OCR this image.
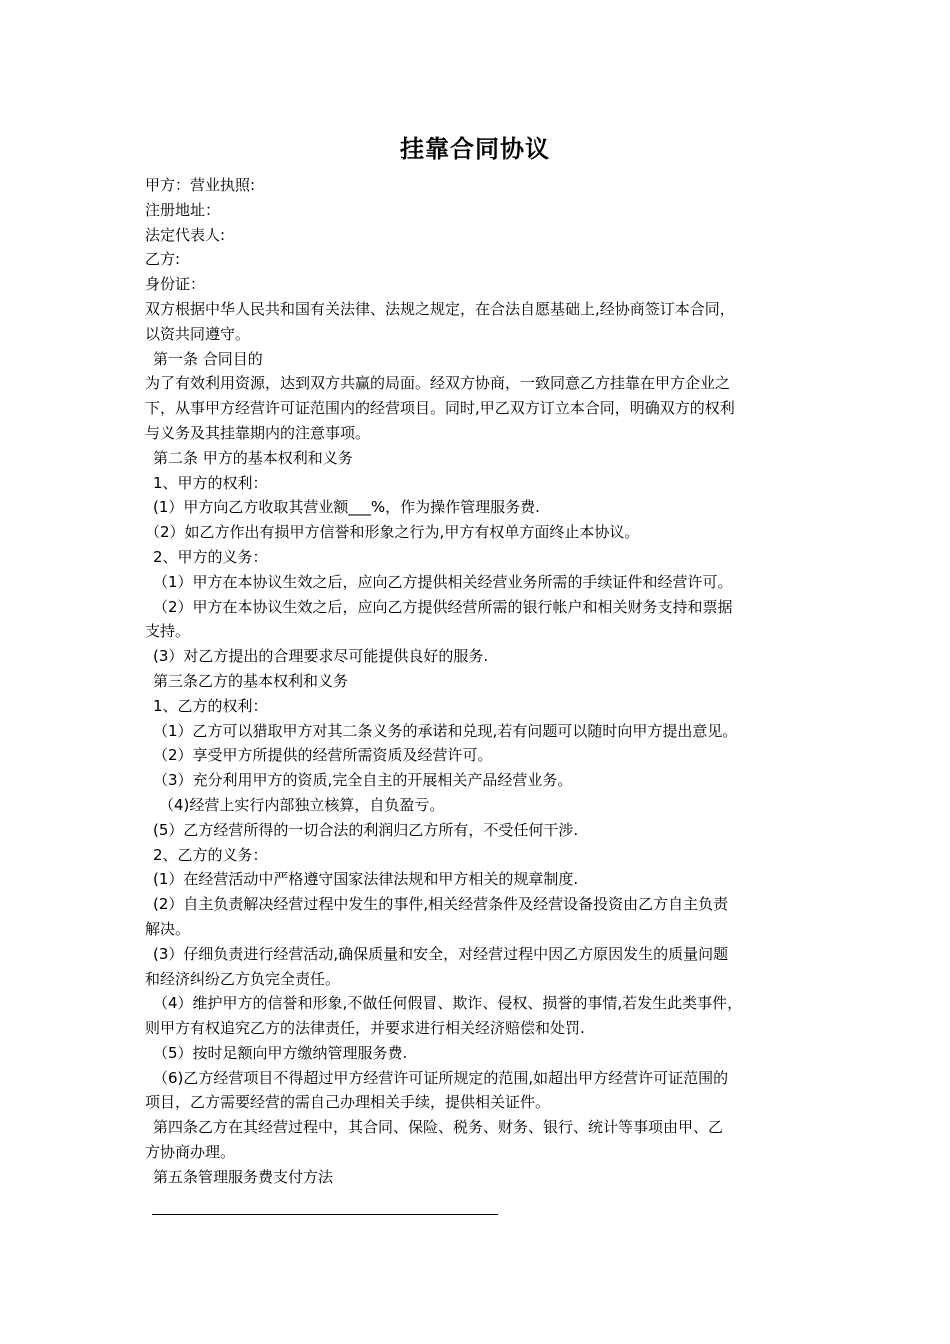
挂靠合同协议

甲方：营业执照:

注册地址：

法定代表人:

乙方:

身份证：

双方根据中华人民共和国有关法律、法规之规定，在合法自愿基础上,经协商签订本合同，

以资共同遵守。

第一条 合同目的

为了有效利用资源，达到双方共赢的局面。经双方协商，一致同意乙方挂靠在甲方企业之

下，从事甲方经营许可证范围内的经营项目。同时,甲乙双方订立本合同，明确双方的权利

与义务及其挂靠期内的注意事项。

第二条 甲方的基本权利和义务

1、甲方的权利：

(1）甲方向乙方收取其营业额___%，作为操作管理服务费.

（2）如乙方作出有损甲方信誉和形象之行为,甲方有权单方面终止本协议。

2、甲方的义务：

（1）甲方在本协议生效之后，应向乙方提供相关经营业务所需的手续证件和经营许可。

（2）甲方在本协议生效之后，应向乙方提供经营所需的银行帐户和相关财务支持和票据

支持。

(3）对乙方提出的合理要求尽可能提供良好的服务.

第三条乙方的基本权利和义务

1、乙方的权利：

（1）乙方可以猎取甲方对其二条义务的承诺和兑现,若有问题可以随时向甲方提出意见。

（2）享受甲方所提供的经营所需资质及经营许可。

（3）充分利用甲方的资质,完全自主的开展相关产品经营业务。

（4)经营上实行内部独立核算，自负盈亏。

(5）乙方经营所得的一切合法的利润归乙方所有，不受任何干涉.

2、乙方的义务：

(1）在经营活动中严格遵守国家法律法规和甲方相关的规章制度.

(2）自主负责解决经营过程中发生的事件,相关经营条件及经营设备投资由乙方自主负责

解决。

(3）仔细负责进行经营活动,确保质量和安全，对经营过程中因乙方原因发生的质量问题

和经济纠纷乙方负完全责任。

（4）维护甲方的信誉和形象,不做任何假冒、欺诈、侵权、损誉的事情,若发生此类事件，

则甲方有权追究乙方的法律责任，并要求进行相关经济赔偿和处罚.

（5）按时足额向甲方缴纳管理服务费.

（6)乙方经营项目不得超过甲方经营许可证所规定的范围,如超出甲方经营许可证范围的

项目，乙方需要经营的需自己办理相关手续，提供相关证件。

第四条乙方在其经营过程中，其合同、保险、税务、财务、银行、统计等事项由甲、乙

方协商办理。

第五条管理服务费支付方法
